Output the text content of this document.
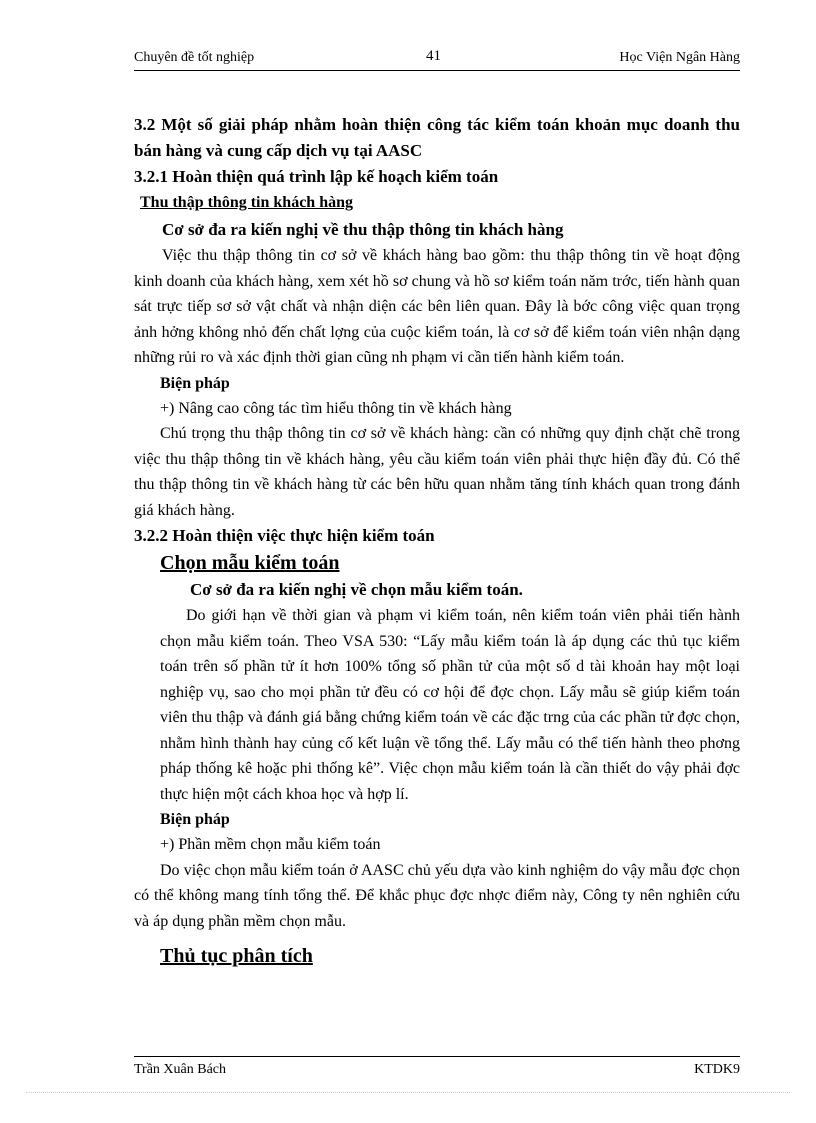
Chuyên đề tốt nghiệp	41	Học Viện Ngân Hàng

3.2 Một số giải pháp nhằm hoàn thiện công tác kiểm toán khoản mục doanh thu bán hàng và cung cấp dịch vụ tại AASC

3.2.1 Hoàn thiện quá trình lập kế hoạch kiểm toán

Thu thập thông tin khách hàng

Cơ sở đa ra kiến nghị về thu thập thông tin khách hàng

Việc thu thập thông tin cơ sở về khách hàng bao gồm: thu thập thông tin về hoạt động kinh doanh của khách hàng, xem xét hồ sơ chung và hồ sơ kiểm toán năm trớc, tiến hành quan sát trực tiếp sơ sở vật chất và nhận diện các bên liên quan. Đây là bớc công việc quan trọng ảnh hởng không nhỏ đến chất lợng của cuộc kiểm toán, là cơ sở để kiểm toán viên nhận dạng những rủi ro và xác định thời gian cũng nh phạm vi cần tiến hành kiểm toán.

Biện pháp

+) Nâng cao công tác tìm hiểu thông tin về khách hàng

Chú trọng thu thập thông tin cơ sở về khách hàng: cần có những quy định chặt chẽ trong việc thu thập thông tin về khách hàng, yêu cầu kiểm toán viên phải thực hiện đầy đủ. Có thể thu thập thông tin về khách hàng từ các bên hữu quan nhằm tăng tính khách quan trong đánh giá khách hàng.

3.2.2 Hoàn thiện việc thực hiện kiểm toán

Chọn mẫu kiểm toán

Cơ sở đa ra kiến nghị về chọn mẫu kiểm toán.

Do giới hạn về thời gian và phạm vi kiểm toán, nên kiểm toán viên phải tiến hành chọn mẫu kiểm toán. Theo VSA 530: “Lấy mẫu kiểm toán là áp dụng các thủ tục kiểm toán trên số phần tử ít hơn 100% tổng số phần tử của một số d tài khoản hay một loại nghiệp vụ, sao cho mọi phần tử đều có cơ hội để đợc chọn. Lấy mẫu sẽ giúp kiểm toán viên thu thập và đánh giá bằng chứng kiểm toán về các đặc trng của các phần tử đợc chọn, nhằm hình thành hay củng cố kết luận về tổng thể. Lấy mẫu có thể tiến hành theo phơng pháp thống kê hoặc phi thống kê”. Việc chọn mẫu kiểm toán là cần thiết do vậy phải đợc thực hiện một cách khoa học và hợp lí.

Biện pháp

+) Phần mềm chọn mẫu kiểm toán

Do việc chọn mẫu kiểm toán ở AASC chủ yếu dựa vào kinh nghiệm do vậy mẫu đợc chọn có thể không mang tính tổng thể. Để khắc phục đợc nhợc điểm này, Công ty nên nghiên cứu và áp dụng phần mềm chọn mẫu.

Thủ tục phân tích

Trần Xuân Bách	KTDK9
